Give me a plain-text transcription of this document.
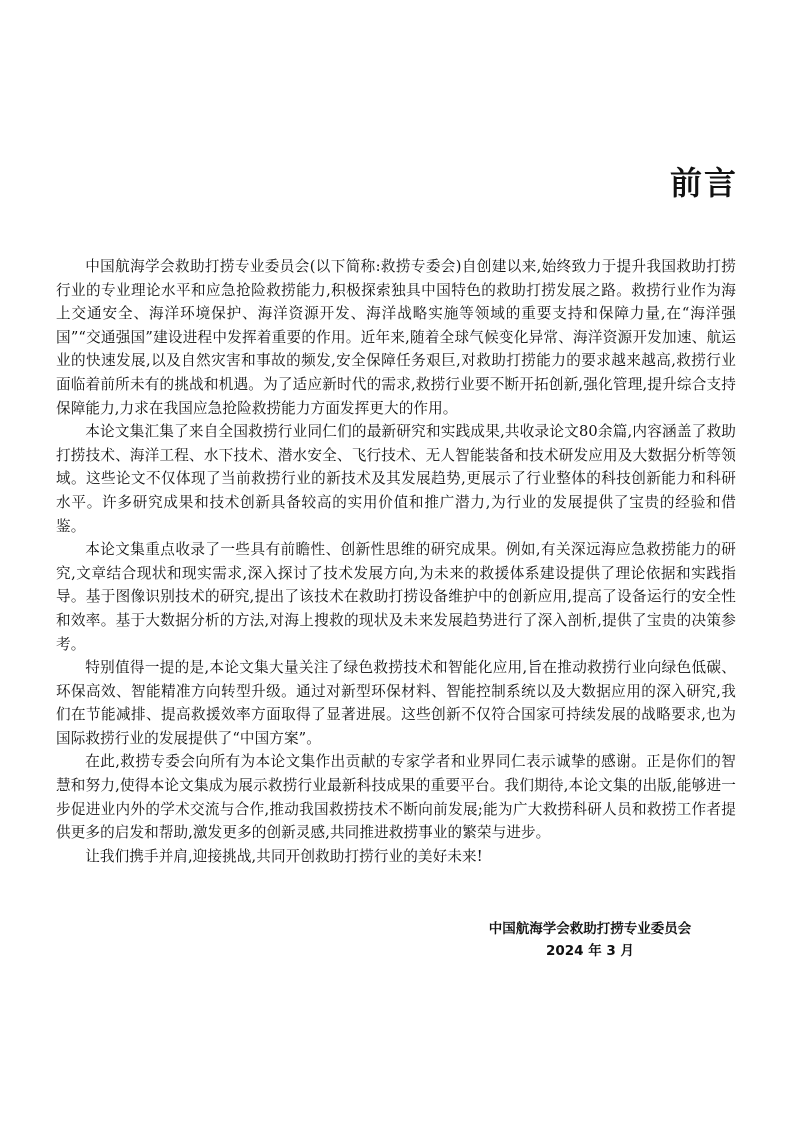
前言

中国航海学会救助打捞专业委员会(以下简称:救捞专委会)自创建以来,始终致力于提升我国救助打捞行业的专业理论水平和应急抢险救捞能力,积极探索独具中国特色的救助打捞发展之路。救捞行业作为海上交通安全、海洋环境保护、海洋资源开发、海洋战略实施等领域的重要支持和保障力量,在“海洋强国”“交通强国”建设进程中发挥着重要的作用。近年来,随着全球气候变化异常、海洋资源开发加速、航运业的快速发展,以及自然灾害和事故的频发,安全保障任务艰巨,对救助打捞能力的要求越来越高,救捞行业面临着前所未有的挑战和机遇。为了适应新时代的需求,救捞行业要不断开拓创新,强化管理,提升综合支持保障能力,力求在我国应急抢险救捞能力方面发挥更大的作用。

本论文集汇集了来自全国救捞行业同仁们的最新研究和实践成果,共收录论文80余篇,内容涵盖了救助打捞技术、海洋工程、水下技术、潜水安全、飞行技术、无人智能装备和技术研发应用及大数据分析等领域。这些论文不仅体现了当前救捞行业的新技术及其发展趋势,更展示了行业整体的科技创新能力和科研水平。许多研究成果和技术创新具备较高的实用价值和推广潜力,为行业的发展提供了宝贵的经验和借鉴。

本论文集重点收录了一些具有前瞻性、创新性思维的研究成果。例如,有关深远海应急救捞能力的研究,文章结合现状和现实需求,深入探讨了技术发展方向,为未来的救援体系建设提供了理论依据和实践指导。基于图像识别技术的研究,提出了该技术在救助打捞设备维护中的创新应用,提高了设备运行的安全性和效率。基于大数据分析的方法,对海上搜救的现状及未来发展趋势进行了深入剖析,提供了宝贵的决策参考。

特别值得一提的是,本论文集大量关注了绿色救捞技术和智能化应用,旨在推动救捞行业向绿色低碳、环保高效、智能精准方向转型升级。通过对新型环保材料、智能控制系统以及大数据应用的深入研究,我们在节能减排、提高救援效率方面取得了显著进展。这些创新不仅符合国家可持续发展的战略要求,也为国际救捞行业的发展提供了“中国方案”。

在此,救捞专委会向所有为本论文集作出贡献的专家学者和业界同仁表示诚挚的感谢。正是你们的智慧和努力,使得本论文集成为展示救捞行业最新科技成果的重要平台。我们期待,本论文集的出版,能够进一步促进业内外的学术交流与合作,推动我国救捞技术不断向前发展;能为广大救捞科研人员和救捞工作者提供更多的启发和帮助,激发更多的创新灵感,共同推进救捞事业的繁荣与进步。

让我们携手并肩,迎接挑战,共同开创救助打捞行业的美好未来!

中国航海学会救助打捞专业委员会

2024 年 3 月
